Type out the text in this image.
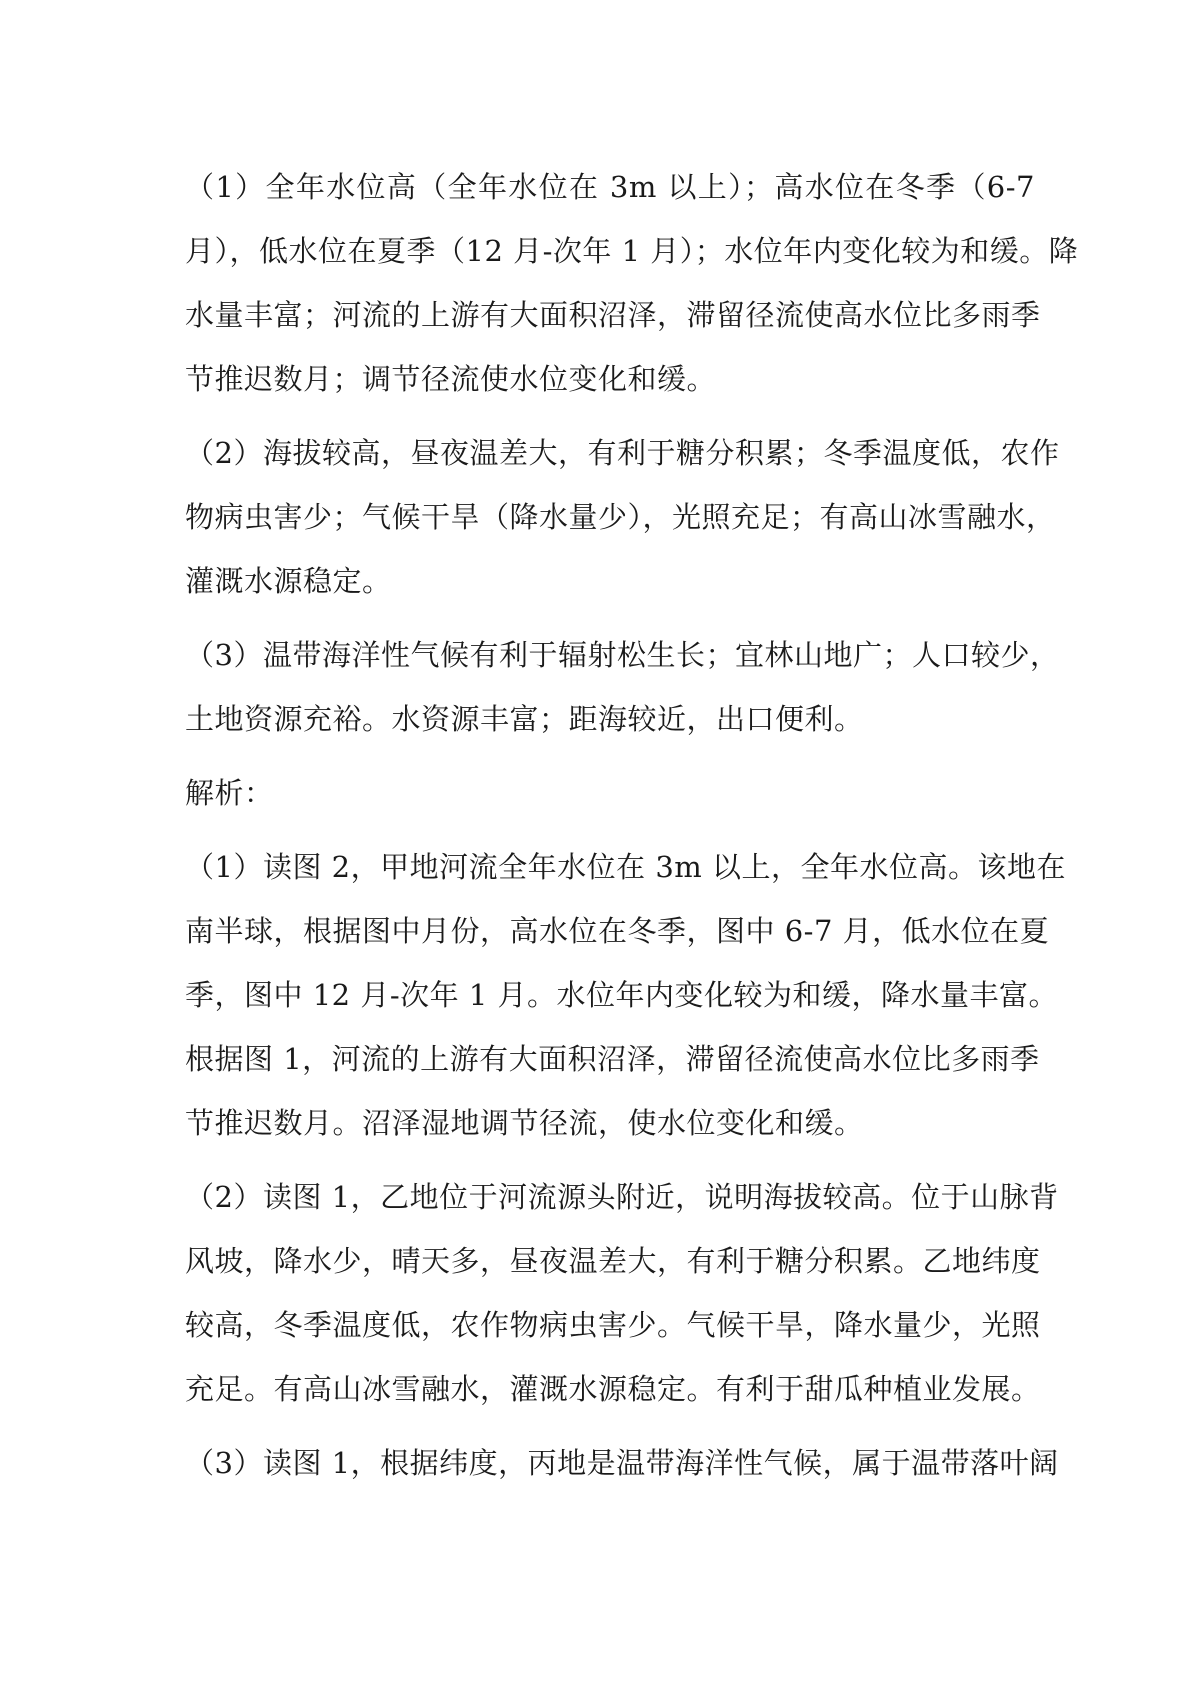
（1）全年水位高（全年水位在 3m 以上）；高水位在冬季（6-7
月），低水位在夏季（12 月-次年 1 月）；水位年内变化较为和缓。降
水量丰富；河流的上游有大面积沼泽，滞留径流使高水位比多雨季
节推迟数月；调节径流使水位变化和缓。
（2）海拔较高，昼夜温差大，有利于糖分积累；冬季温度低，农作
物病虫害少；气候干旱（降水量少），光照充足；有高山冰雪融水，
灌溉水源稳定。
（3）温带海洋性气候有利于辐射松生长；宜林山地广；人口较少，
土地资源充裕。水资源丰富；距海较近，出口便利。
解析：
（1）读图 2，甲地河流全年水位在 3m 以上，全年水位高。该地在
南半球，根据图中月份，高水位在冬季，图中 6-7 月，低水位在夏
季，图中 12 月-次年 1 月。水位年内变化较为和缓，降水量丰富。
根据图 1，河流的上游有大面积沼泽，滞留径流使高水位比多雨季
节推迟数月。沼泽湿地调节径流，使水位变化和缓。
（2）读图 1，乙地位于河流源头附近，说明海拔较高。位于山脉背
风坡，降水少，晴天多，昼夜温差大，有利于糖分积累。乙地纬度
较高，冬季温度低，农作物病虫害少。气候干旱，降水量少，光照
充足。有高山冰雪融水，灌溉水源稳定。有利于甜瓜种植业发展。
（3）读图 1，根据纬度，丙地是温带海洋性气候，属于温带落叶阔
